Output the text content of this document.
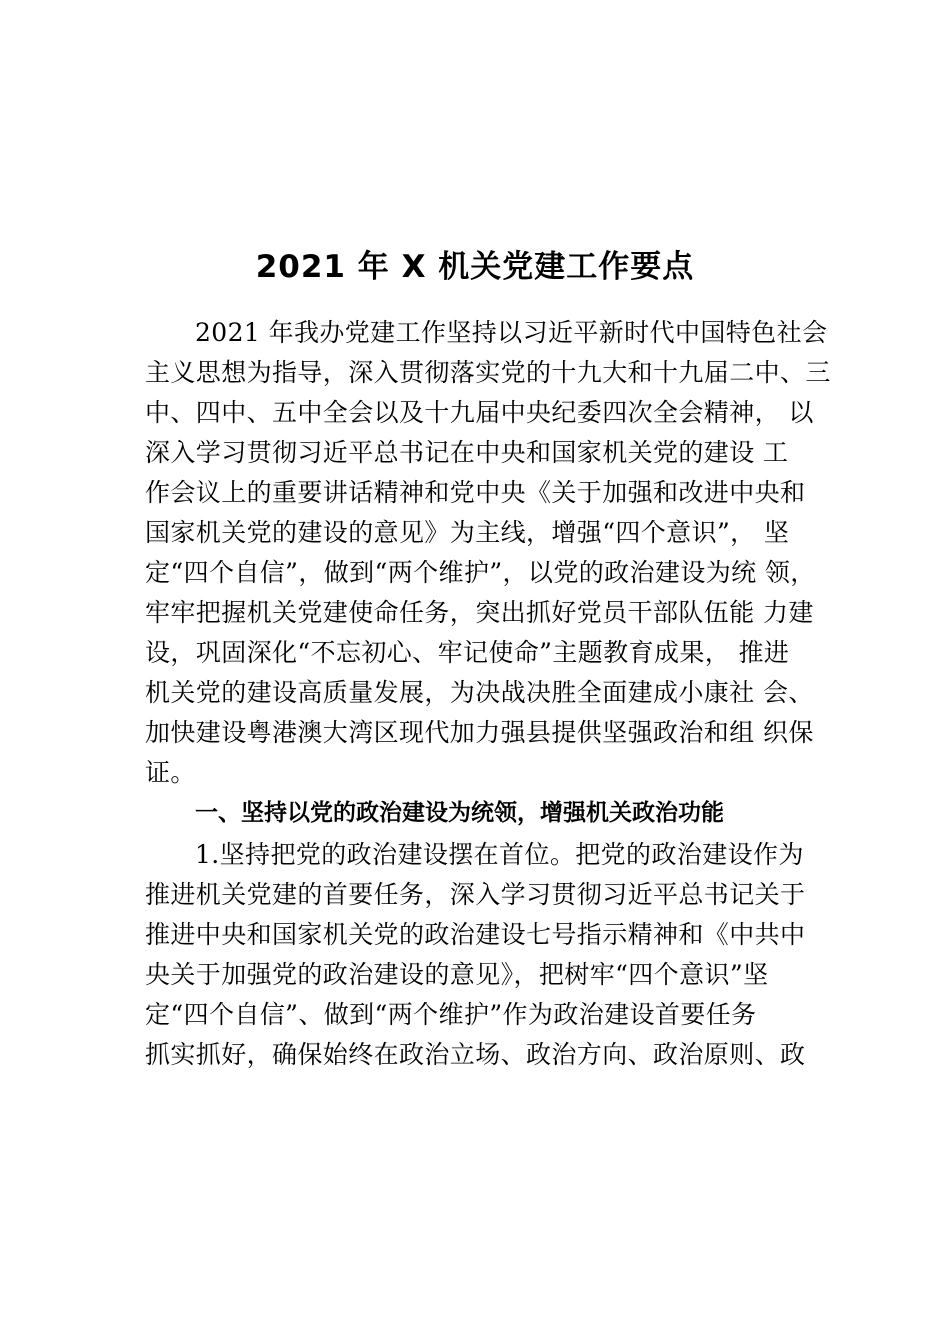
2021 年 X 机关党建工作要点
2021 年我办党建工作坚持以习近平新时代中国特色社会
主义思想为指导，深入贯彻落实党的十九大和十九届二中、三
中、四中、五中全会以及十九届中央纪委四次全会精神， 以
深入学习贯彻习近平总书记在中央和国家机关党的建设 工
作会议上的重要讲话精神和党中央《关于加强和改进中央和
国家机关党的建设的意见》为主线，增强“四个意识”， 坚
定“四个自信”，做到“两个维护”，以党的政治建设为统 领，
牢牢把握机关党建使命任务，突出抓好党员干部队伍能 力建
设，巩固深化“不忘初心、牢记使命”主题教育成果， 推进
机关党的建设高质量发展，为决战决胜全面建成小康社 会、
加快建设粤港澳大湾区现代加力强县提供坚强政治和组 织保
证。
一、坚持以党的政治建设为统领，增强机关政治功能
1.坚持把党的政治建设摆在首位。把党的政治建设作为
推进机关党建的首要任务，深入学习贯彻习近平总书记关于
推进中央和国家机关党的政治建设七号指示精神和《中共中
央关于加强党的政治建设的意见》，把树牢“四个意识”坚
定“四个自信”、做到“两个维护”作为政治建设首要任务
抓实抓好，确保始终在政治立场、政治方向、政治原则、政
